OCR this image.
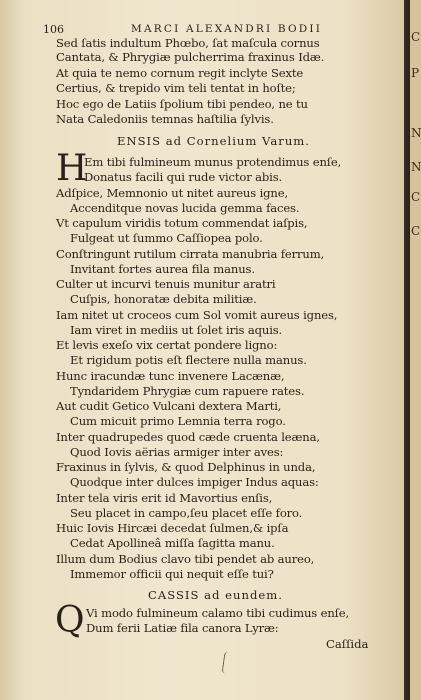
106	MARCI ALEXANDRI BODII
Sed ſatis indultum Phœbo, ſat maſcula cornus
Cantata, & Phrygiæ pulcherrima fraxinus Idæ.
At quia te nemo cornum regit inclyte Sexte
Certius, & trepido vim teli tentat in hoſte;
Hoc ego de Latiis ſpolium tibi pendeo, ne tu
Nata Caledoniis temnas haſtilia ſylvis.
ENSIS ad Cornelium Varum.
H
Em tibi fulmineum munus protendimus enſe,
Donatus facili qui rude victor abis.
Adſpice, Memnonio ut nitet aureus igne,
Accenditque novas lucida gemma faces.
Vt capulum viridis totum commendat iaſpis,
Fulgeat ut ſummo Caſſiopea polo.
Conſtringunt rutilum cirrata manubria ferrum,
Invitant fortes aurea fila manus.
Culter ut incurvi tenuis munitur aratri
Cuſpis, honoratæ debita militiæ.
Iam nitet ut croceos cum Sol vomit aureus ignes,
Iam viret in mediis ut ſolet iris aquis.
Et levis exeſo vix certat pondere ligno:
Et rigidum potis eſt flectere nulla manus.
Hunc iracundæ tunc invenere Lacænæ,
Tyndaridem Phrygiæ cum rapuere rates.
Aut cudit Getico Vulcani dextera Marti,
Cum micuit primo Lemnia terra rogo.
Inter quadrupedes quod cæde cruenta leæna,
Quod Iovis aërias armiger inter aves:
Fraxinus in ſylvis, & quod Delphinus in unda,
Quodque inter dulces impiger Indus aquas:
Inter tela viris erit id Mavortius enſis,
Seu placet in campo,ſeu placet eſſe foro.
Huic Iovis Hircæi decedat ſulmen,& ipſa
Cedat Apollineâ miſſa ſagitta manu.
Illum dum Bodius clavo tibi pendet ab aureo,
Immemor officii qui nequit eſſe tui?
CASSIS ad eundem.
Q Vi modo fulmineum calamo tibi cudimus enſe,
Dum ferii Latiæ fila canora Lyræ:
Caſſida
C
P
N
N
C
C
